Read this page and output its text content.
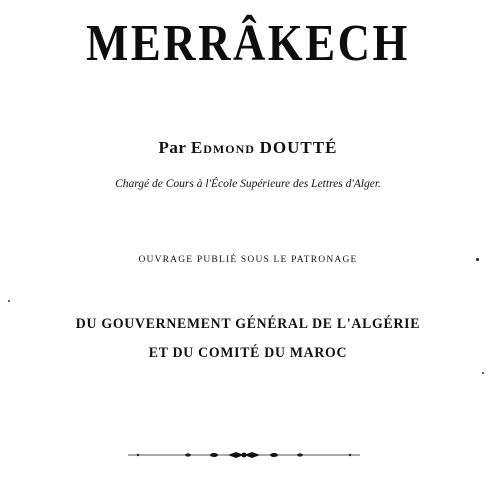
MERRÂKECH
Par Edmond DOUTTÉ
Chargé de Cours à l'École Supérieure des Lettres d'Alger.
OUVRAGE PUBLIÉ SOUS LE PATRONAGE
DU GOUVERNEMENT GÉNÉRAL DE L'ALGÉRIE
ET DU COMITÉ DU MAROC
